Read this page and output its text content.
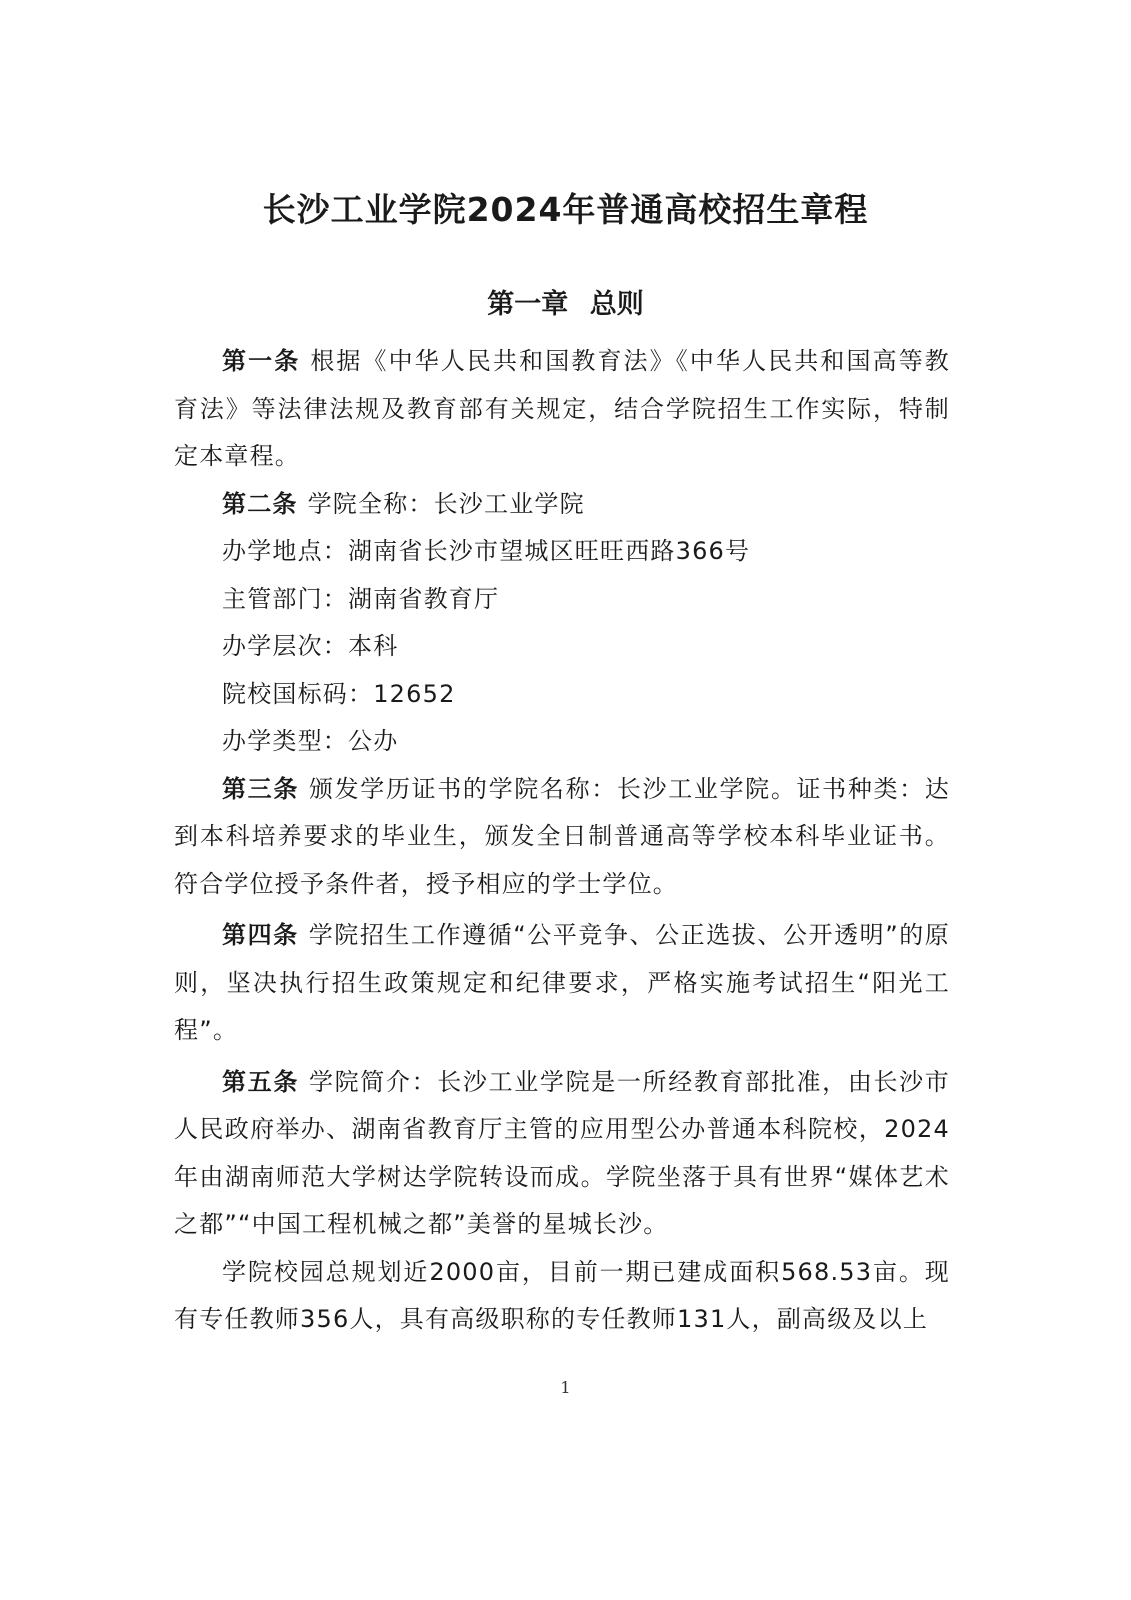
长沙工业学院2024年普通高校招生章程
第一章 总则

第一条 根据《中华人民共和国教育法》《中华人民共和国高等教育法》等法律法规及教育部有关规定，结合学院招生工作实际，特制定本章程。

第二条 学院全称：长沙工业学院

办学地点：湖南省长沙市望城区旺旺西路366号

主管部门：湖南省教育厅

办学层次：本科

院校国标码：12652

办学类型：公办

第三条 颁发学历证书的学院名称：长沙工业学院。证书种类：达到本科培养要求的毕业生，颁发全日制普通高等学校本科毕业证书。符合学位授予条件者，授予相应的学士学位。

第四条 学院招生工作遵循“公平竞争、公正选拔、公开透明”的原则，坚决执行招生政策规定和纪律要求，严格实施考试招生“阳光工程”。

第五条 学院简介：长沙工业学院是一所经教育部批准，由长沙市人民政府举办、湖南省教育厅主管的应用型公办普通本科院校，2024年由湖南师范大学树达学院转设而成。学院坐落于具有世界“媒体艺术之都”“中国工程机械之都”美誉的星城长沙。

学院校园总规划近2000亩，目前一期已建成面积568.53亩。现有专任教师356人，具有高级职称的专任教师131人，副高级及以上

1
